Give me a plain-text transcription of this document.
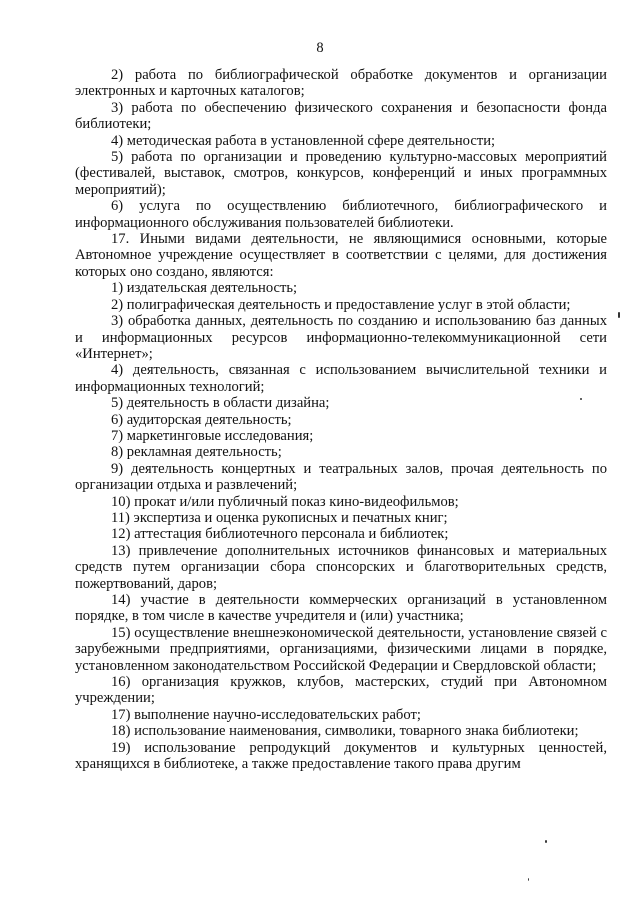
8

2) работа по библиографической обработке документов и организации электронных и карточных каталогов;

3) работа по обеспечению физического сохранения и безопасности фонда библиотеки;

4) методическая работа в установленной сфере деятельности;

5) работа по организации и проведению культурно-массовых мероприятий (фестивалей, выставок, смотров, конкурсов, конференций и иных программных мероприятий);

6) услуга по осуществлению библиотечного, библиографического и информационного обслуживания пользователей библиотеки.

17. Иными видами деятельности, не являющимися основными, которые Автономное учреждение осуществляет в соответствии с целями, для достижения которых оно создано, являются:

1) издательская деятельность;

2) полиграфическая деятельность и предоставление услуг в этой области;

3) обработка данных, деятельность по созданию и использованию баз данных и информационных ресурсов информационно-телекоммуникационной сети «Интернет»;

4) деятельность, связанная с использованием вычислительной техники и информационных технологий;

5) деятельность в области дизайна;

6) аудиторская деятельность;

7) маркетинговые исследования;

8) рекламная деятельность;

9) деятельность концертных и театральных залов, прочая деятельность по организации отдыха и развлечений;

10) прокат и/или публичный показ кино-видеофильмов;

11) экспертиза и оценка рукописных и печатных книг;

12) аттестация библиотечного персонала и библиотек;

13) привлечение дополнительных источников финансовых и материальных средств путем организации сбора спонсорских и благотворительных средств, пожертвований, даров;

14) участие в деятельности коммерческих организаций в установленном порядке, в том числе в качестве учредителя и (или) участника;

15) осуществление внешнеэкономической деятельности, установление связей с зарубежными предприятиями, организациями, физическими лицами в порядке, установленном законодательством Российской Федерации и Свердловской области;

16) организация кружков, клубов, мастерских, студий при Автономном учреждении;

17) выполнение научно-исследовательских работ;

18) использование наименования, символики, товарного знака библиотеки;

19) использование репродукций документов и культурных ценностей, хранящихся в библиотеке, а также предоставление такого права другим
